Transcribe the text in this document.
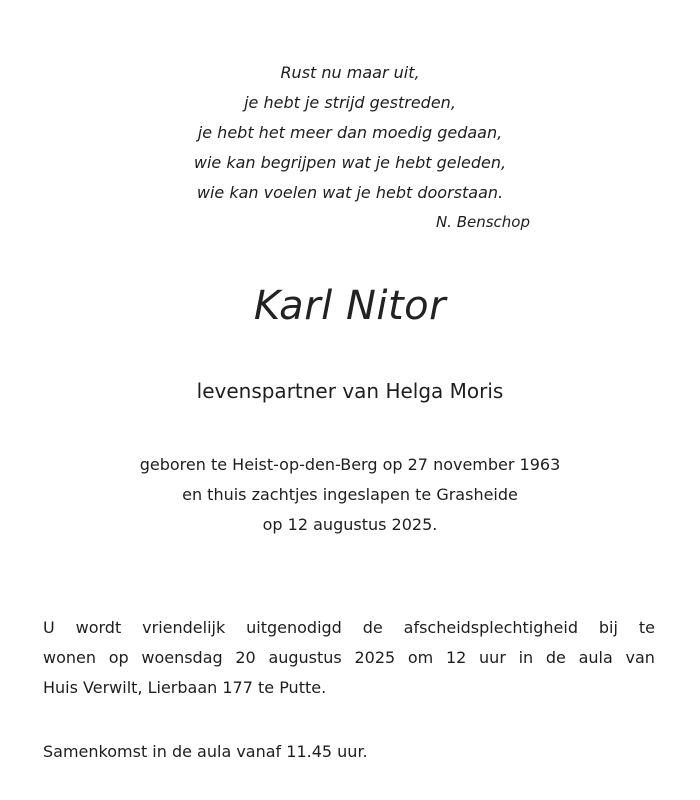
Rust nu maar uit,
je hebt je strijd gestreden,
je hebt het meer dan moedig gedaan,
wie kan begrijpen wat je hebt geleden,
wie kan voelen wat je hebt doorstaan.
N. Benschop
Karl Nitor
levenspartner van Helga Moris
geboren te Heist-op-den-Berg op 27 november 1963
en thuis zachtjes ingeslapen te Grasheide
op 12 augustus 2025.
U wordt vriendelijk uitgenodigd de afscheidsplechtigheid bij te
wonen op woensdag 20 augustus 2025 om 12 uur in de aula van
Huis Verwilt, Lierbaan 177 te Putte.
Samenkomst in de aula vanaf 11.45 uur.
